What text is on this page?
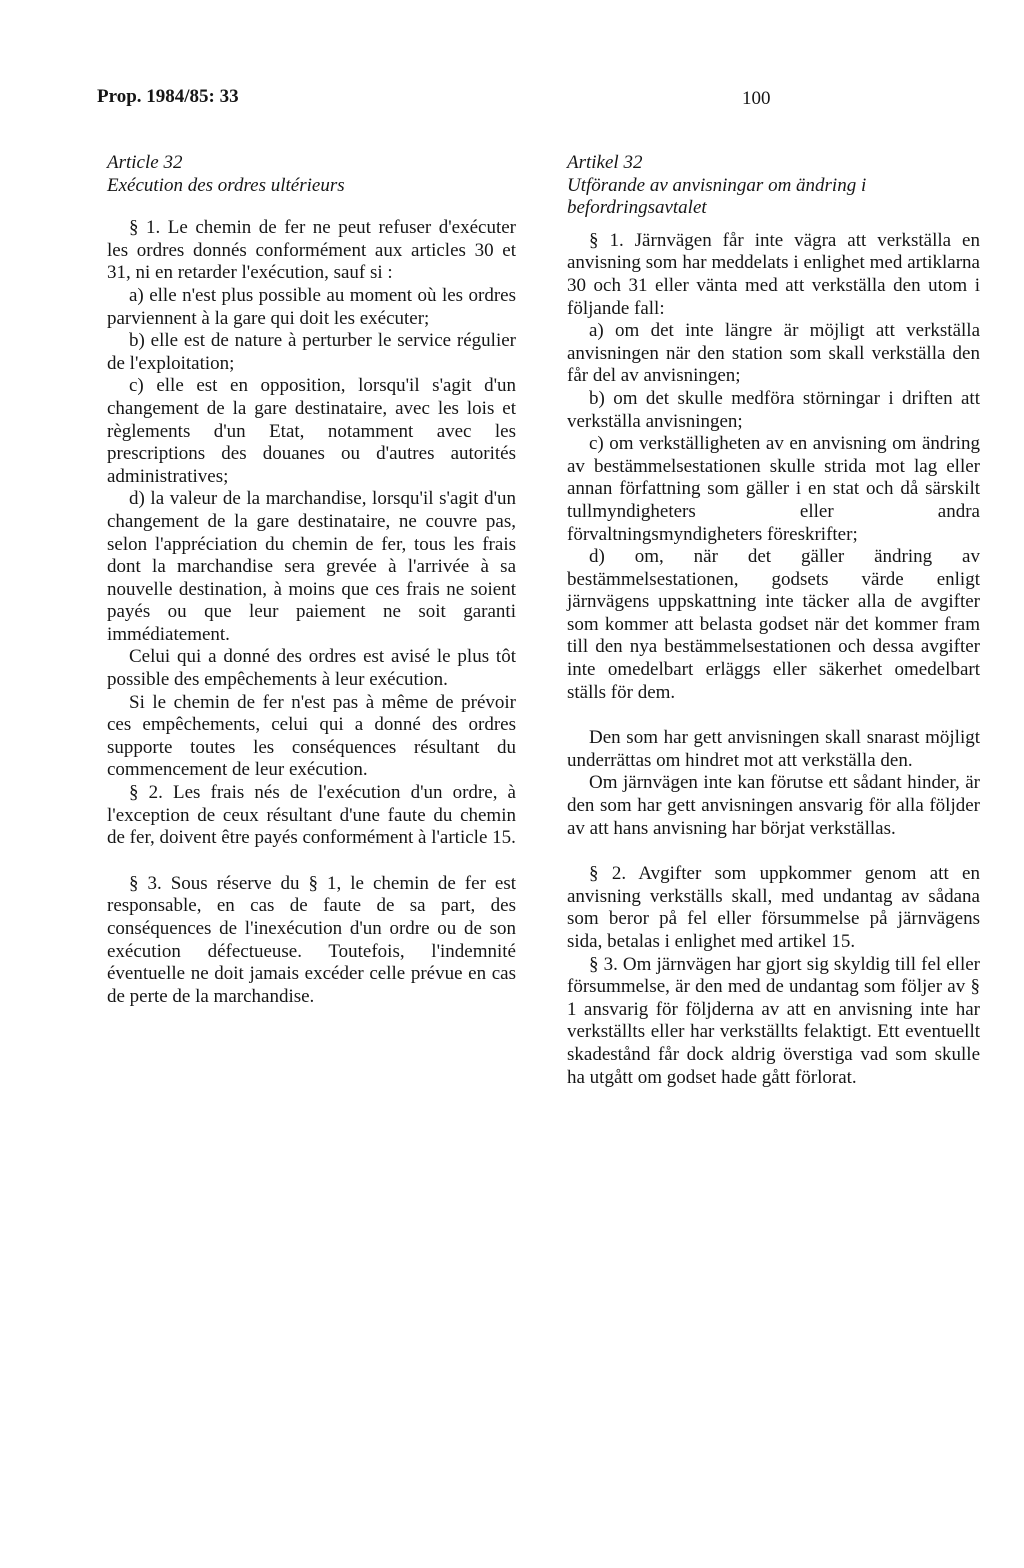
Prop. 1984/85: 33	100

Article 32

Exécution des ordres ultérieurs

§ 1. Le chemin de fer ne peut refuser d'exécuter les ordres donnés conformément aux articles 30 et 31, ni en retarder l'exécution, sauf si :

a) elle n'est plus possible au moment où les ordres parviennent à la gare qui doit les exécuter;

b) elle est de nature à perturber le service régulier de l'exploitation;

c) elle est en opposition, lorsqu'il s'agit d'un changement de la gare destinataire, avec les lois et règlements d'un Etat, notamment avec les prescriptions des douanes ou d'autres autorités administratives;

d) la valeur de la marchandise, lorsqu'il s'agit d'un changement de la gare destinataire, ne couvre pas, selon l'appréciation du chemin de fer, tous les frais dont la marchandise sera grevée à l'arrivée à sa nouvelle destination, à moins que ces frais ne soient payés ou que leur paiement ne soit garanti immédiatement.

Celui qui a donné des ordres est avisé le plus tôt possible des empêchements à leur exécution.

Si le chemin de fer n'est pas à même de prévoir ces empêchements, celui qui a donné des ordres supporte toutes les conséquences résultant du commencement de leur exécution.

§ 2. Les frais nés de l'exécution d'un ordre, à l'exception de ceux résultant d'une faute du chemin de fer, doivent être payés conformément à l'article 15.

§ 3. Sous réserve du § 1, le chemin de fer est responsable, en cas de faute de sa part, des conséquences de l'inexécution d'un ordre ou de son exécution défectueuse. Toutefois, l'indemnité éventuelle ne doit jamais excéder celle prévue en cas de perte de la marchandise.

Artikel 32

Utförande av anvisningar om ändring i befordringsavtalet

§ 1. Järnvägen får inte vägra att verkställa en anvisning som har meddelats i enlighet med artiklarna 30 och 31 eller vänta med att verkställa den utom i följande fall:

a) om det inte längre är möjligt att verkställa anvisningen när den station som skall verkställa den får del av anvisningen;

b) om det skulle medföra störningar i driften att verkställa anvisningen;

c) om verkställigheten av en anvisning om ändring av bestämmelsestationen skulle strida mot lag eller annan författning som gäller i en stat och då särskilt tullmyndigheters eller andra förvaltningsmyndigheters föreskrifter;

d) om, när det gäller ändring av bestämmelsestationen, godsets värde enligt järnvägens uppskattning inte täcker alla de avgifter som kommer att belasta godset när det kommer fram till den nya bestämmelsestationen och dessa avgifter inte omedelbart erläggs eller säkerhet omedelbart ställs för dem.

Den som har gett anvisningen skall snarast möjligt underrättas om hindret mot att verkställa den.

Om järnvägen inte kan förutse ett sådant hinder, är den som har gett anvisningen ansvarig för alla följder av att hans anvisning har börjat verkställas.

§ 2. Avgifter som uppkommer genom att en anvisning verkställs skall, med undantag av sådana som beror på fel eller försummelse på järnvägens sida, betalas i enlighet med artikel 15.

§ 3. Om järnvägen har gjort sig skyldig till fel eller försummelse, är den med de undantag som följer av § 1 ansvarig för följderna av att en anvisning inte har verkställts eller har verkställts felaktigt. Ett eventuellt skadestånd får dock aldrig överstiga vad som skulle ha utgått om godset hade gått förlorat.
